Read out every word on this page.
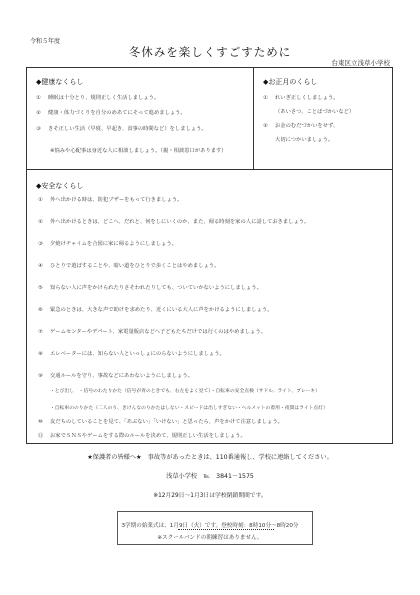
令和５年度
冬休みを楽しくすごすために
台東区立浅草小学校
◆健康なくらし
① 睡眠は十分とり、規則正しく生活しましょう。
② 健康・体力づくりを自分のめあてにそって進めましょう。
③ きそ正しい生活（早寝、早起き、食事の時間など）をしましょう。
※悩みや心配事は身近な人に相談しましょう。（親・相談窓口があります）
◆お正月のくらし
① れいぎ正しくしましょう。
（あいさつ、ことばづかいなど）
② お金のむだづかいをせず、
大切につかいましょう。
◆安全なくらし
① 外へ出かける時は、防犯ブザーをもって行きましょう。
② 外へ出かけるときは、どこへ、だれと、何をしにいくのか、また、帰る時刻を家の人に話しておきましょう。
③ 夕焼けチャイムを合図に家に帰るようにしましょう。
④ ひとりで遊ばすることや、暗い道をひとりで歩くことはやめましょう。
⑤ 知らない人に声をかけられたりさそわれたりしても、ついていかないようにしましょう。
⑥ 緊急のときは、大きな声で助けを求めたり、近くにいる大人に声をかけるようにしましょう。
⑦ ゲームセンターやデパート、家電量販店などへ子どもたちだけでは行くのはやめましょう。
⑧ エレベーターには、知らない人といっしょにのらないようにしましょう。
⑨ 交通ルールを守り、事故などにあわないようにしましょう。
・とび出し　・信号のわたりかた（信号が青のときでも、右左をよく見て）・自転車の安全点検（サドル、ライト、ブレーキ）
・自転車ののりかた（二人のり、きけんなのりかたはしない・スピードは出しすぎない・ヘルメットの着用・夜間はライト点灯）
⑩ 友だちのしていることを見て、「あぶない」「いけない」と思ったら、声をかけて注意しましょう。
⑪ お家でＳＮＳやゲームをする際のルールを決めて、規則正しい生活をしましょう。
★保護者の皆様へ★　事故等があったときは、110番通報し、学校に連絡してください。
浅草小学校　℡　3841－1575
※12月29日～1月3日は学校閉鎖期間です。
3学期の始業式は、1月9日（火）です。登校時刻：8時10分～8時20分
※スクールバンドの朝練習はありません。
